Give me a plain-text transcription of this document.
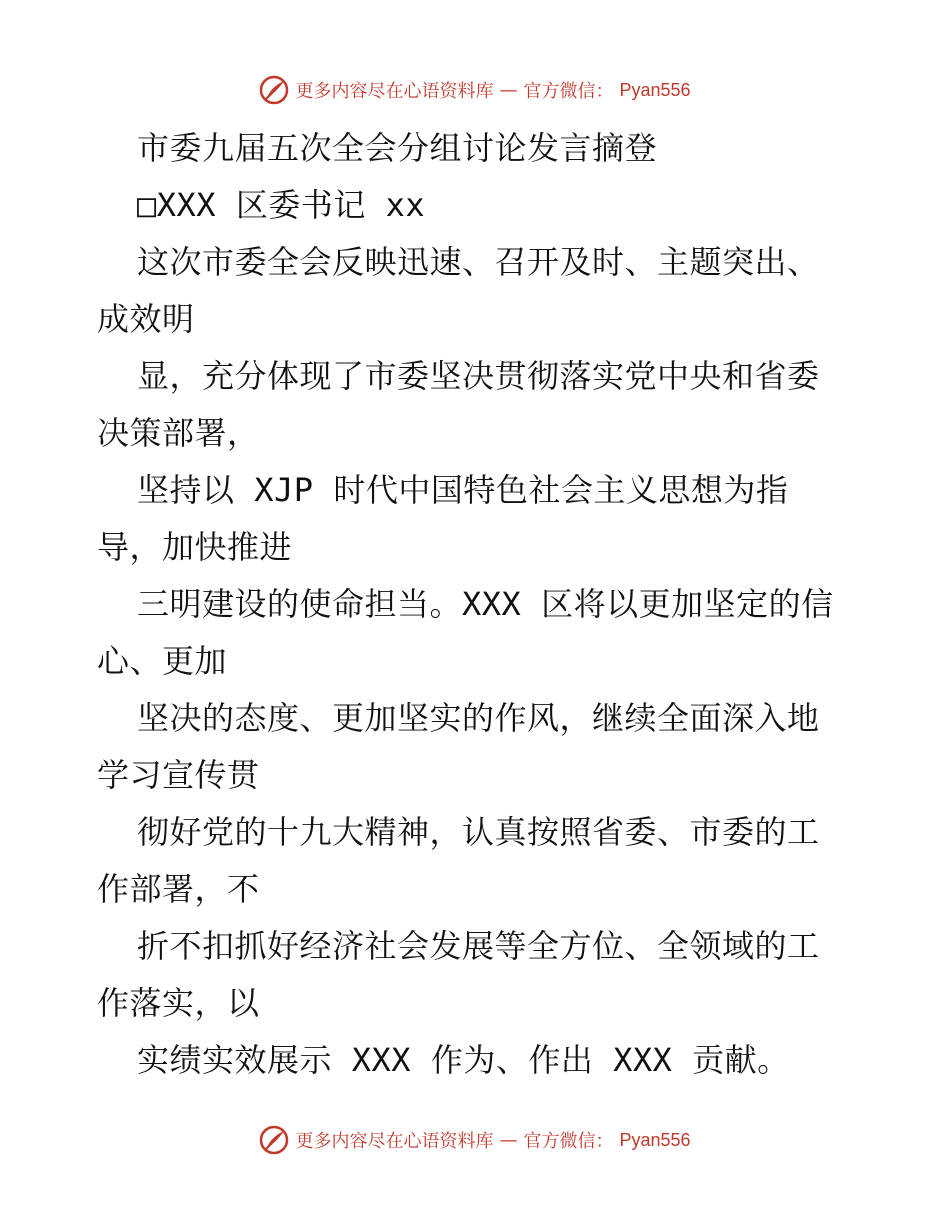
更多内容尽在心语资料库 — 官方微信： Pyan556
市委九届五次全会分组讨论发言摘登
□XXX 区委书记 xx
这次市委全会反映迅速、召开及时、主题突出、
成效明
显，充分体现了市委坚决贯彻落实党中央和省委
决策部署，
坚持以 XJP 时代中国特色社会主义思想为指
导，加快推进
三明建设的使命担当。XXX 区将以更加坚定的信
心、更加
坚决的态度、更加坚实的作风，继续全面深入地
学习宣传贯
彻好党的十九大精神，认真按照省委、市委的工
作部署，不
折不扣抓好经济社会发展等全方位、全领域的工
作落实，以
实绩实效展示 XXX 作为、作出 XXX 贡献。
更多内容尽在心语资料库 — 官方微信： Pyan556
